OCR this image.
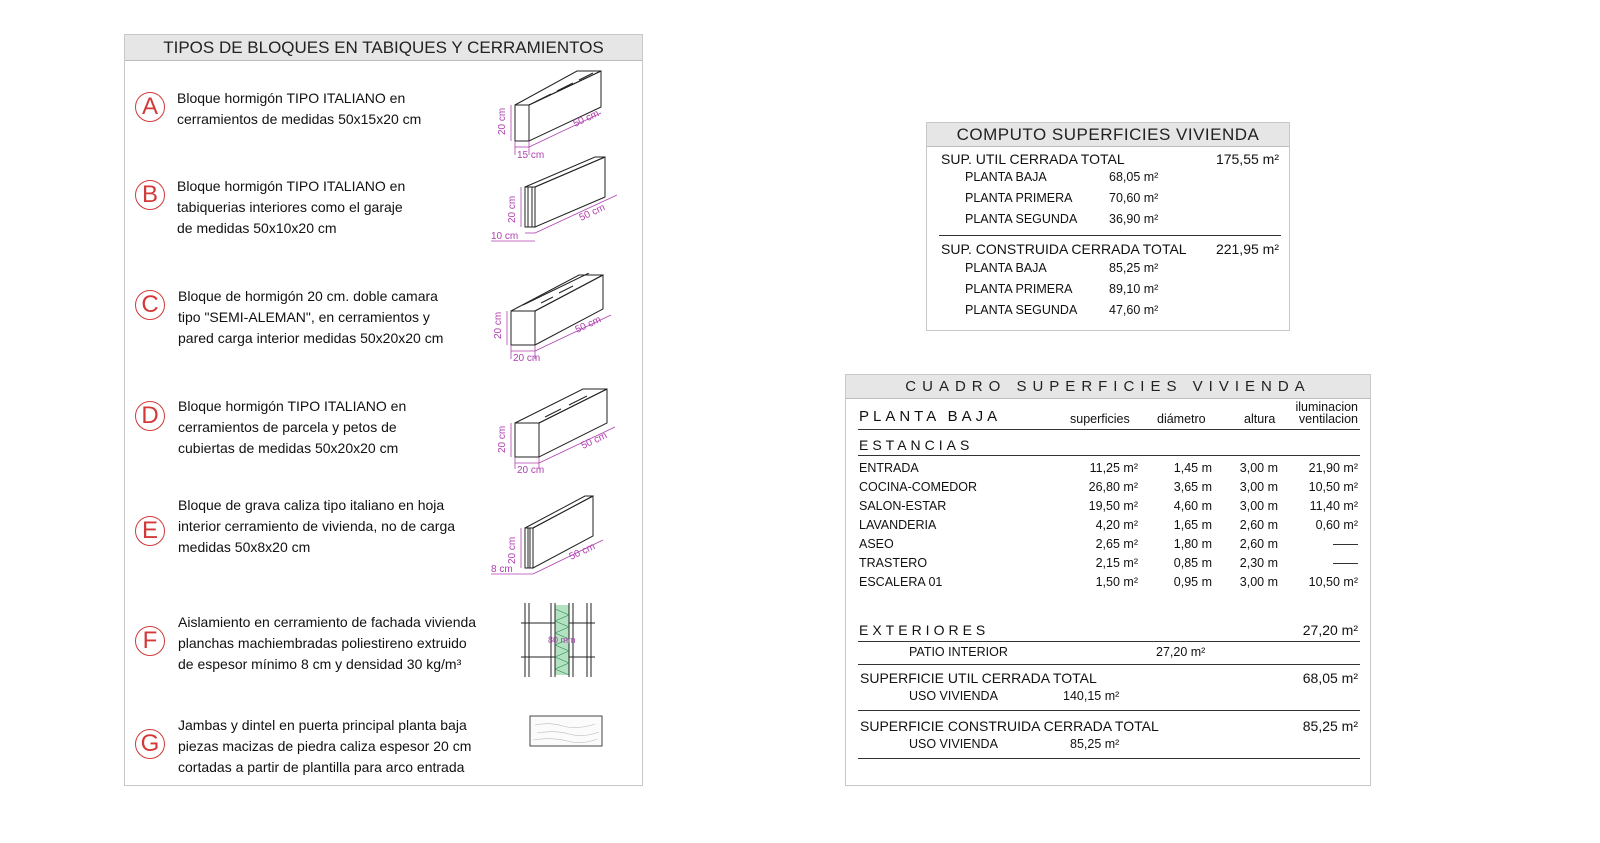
TIPOS DE BLOQUES EN TABIQUES Y CERRAMIENTOS
A	Bloque hormigón TIPO ITALIANO en
cerramientos de medidas 50x15x20 cm	20 cm
15 cm
50 cm
B	Bloque hormigón TIPO ITALIANO en
tabiquerias interiores como el garaje
de medidas 50x10x20 cm
20 cm
10 cm
50 cm
C	Bloque de hormigón 20 cm. doble camara
tipo "SEMI-ALEMAN", en cerramientos y
pared carga interior medidas 50x20x20 cm	20 cm
20 cm
50 cm
D	Bloque hormigón TIPO ITALIANO en
cerramientos de parcela y petos de
cubiertas de medidas 50x20x20 cm	20 cm
20 cm
50 cm
E
Bloque de grava caliza tipo italiano en hoja
interior cerramiento de vivienda, no de carga
medidas 50x8x20 cm	20 cm
8 cm
50 cm
F
Aislamiento en cerramiento de fachada vivienda
planchas machiembradas poliestireno extruido
de espesor mínimo 8 cm y densidad 30 kg/m³
80 mm
G
Jambas y dintel en puerta principal planta baja
piezas macizas de piedra caliza espesor 20 cm
cortadas a partir de plantilla para arco entrada
COMPUTO SUPERFICIES VIVIENDA
SUP. UTIL CERRADA TOTAL	175,55 m²
PLANTA BAJA	68,05 m²
PLANTA PRIMERA	70,60 m²
PLANTA SEGUNDA	36,90 m²
SUP. CONSTRUIDA CERRADA TOTAL 221,95 m²
PLANTA BAJA	85,25 m²
PLANTA PRIMERA	89,10 m²
PLANTA SEGUNDA	47,60 m²
CUADRO SUPERFICIES VIVIENDA
PLANTA BAJA	superficies diámetro	altura
iluminacion
ventilacion
ESTANCIAS
EXTERIORES	27,20 m²
PATIO INTERIOR	27,20 m²
SUPERFICIE UTIL CERRADA TOTAL	68,05 m²
USO VIVIENDA	140,15 m²
SUPERFICIE CONSTRUIDA CERRADA TOTAL	85,25 m²
USO VIVIENDA	85,25 m²
ENTRADA	11,25 m²	1,45 m 3,00 m 21,90 m²
COCINA-COMEDOR	26,80 m²	3,65 m 3,00 m 10,50 m²
SALON-ESTAR	19,50 m²	4,60 m 3,00 m	11,40 m²
LAVANDERIA	4,20 m²	1,65 m 2,60 m	0,60 m²
ASEO	2,65 m²	1,80 m 2,60 m	——
TRASTERO	2,15 m²	0,85 m 2,30 m	——
ESCALERA 01	1,50 m²	0,95 m 3,00 m 10,50 m²
